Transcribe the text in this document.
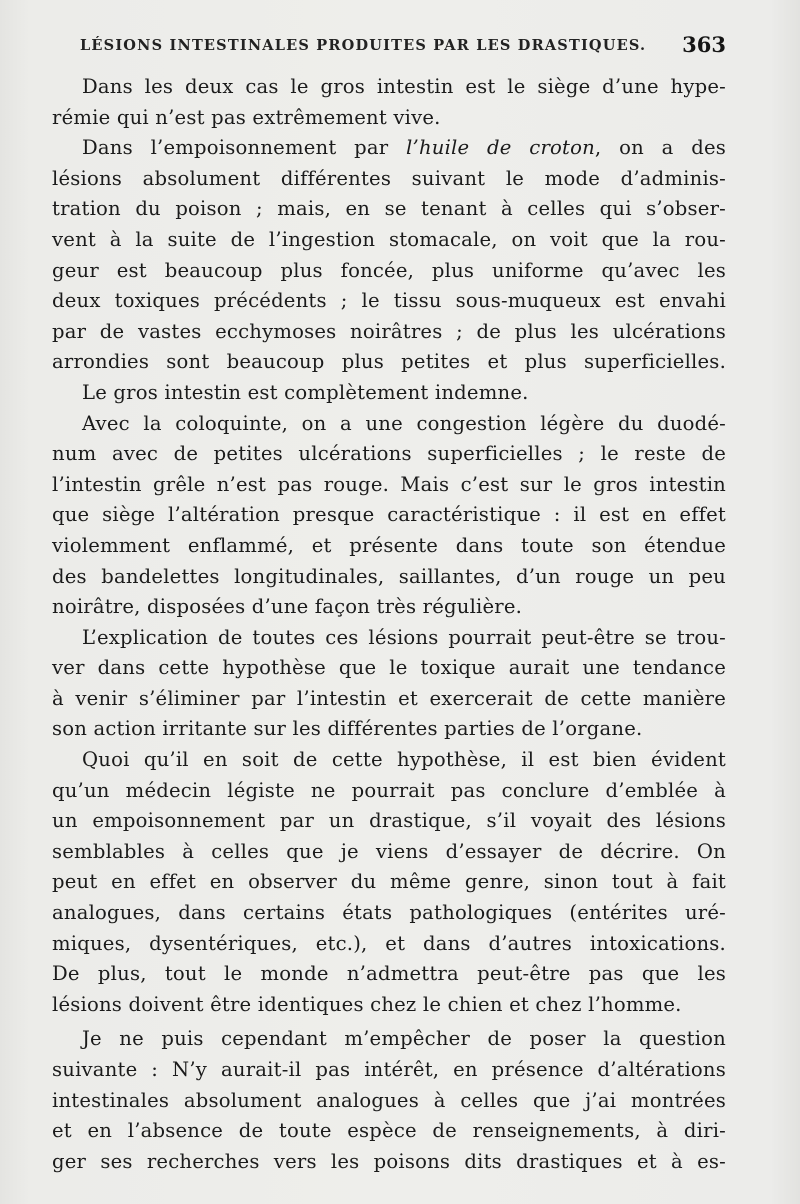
LÉSIONS INTESTINALES PRODUITES PAR LES DRASTIQUES. 363

Dans les deux cas le gros intestin est le siège d’une hype-
rémie qui n’est pas extrêmement vive.

Dans l’empoisonnement par l’huile de croton, on a des
lésions absolument différentes suivant le mode d’adminis-
tration du poison ; mais, en se tenant à celles qui s’obser-
vent à la suite de l’ingestion stomacale, on voit que la rou-
geur est beaucoup plus foncée, plus uniforme qu’avec les
deux toxiques précédents ; le tissu sous-muqueux est envahi
par de vastes ecchymoses noirâtres ; de plus les ulcérations
arrondies sont beaucoup plus petites et plus superficielles.
Le gros intestin est complètement indemne.

Avec la coloquinte, on a une congestion légère du duodé-
num avec de petites ulcérations superficielles ; le reste de
l’intestin grêle n’est pas rouge. Mais c’est sur le gros intestin
que siège l’altération presque caractéristique : il est en effet
violemment enflammé, et présente dans toute son étendue
des bandelettes longitudinales, saillantes, d’un rouge un peu
noirâtre, disposées d’une façon très régulière.

L’explication de toutes ces lésions pourrait peut-être se trou-
ver dans cette hypothèse que le toxique aurait une tendance
à venir s’éliminer par l’intestin et exercerait de cette manière
son action irritante sur les différentes parties de l’organe.

Quoi qu’il en soit de cette hypothèse, il est bien évident
qu’un médecin légiste ne pourrait pas conclure d’emblée à
un empoisonnement par un drastique, s’il voyait des lésions
semblables à celles que je viens d’essayer de décrire. On
peut en effet en observer du même genre, sinon tout à fait
analogues, dans certains états pathologiques (entérites uré-
miques, dysentériques, etc.), et dans d’autres intoxications.
De plus, tout le monde n’admettra peut-être pas que les
lésions doivent être identiques chez le chien et chez l’homme.

Je ne puis cependant m’empêcher de poser la question
suivante : N’y aurait-il pas intérêt, en présence d’altérations
intestinales absolument analogues à celles que j’ai montrées
et en l’absence de toute espèce de renseignements, à diri-
ger ses recherches vers les poisons dits drastiques et à es-
